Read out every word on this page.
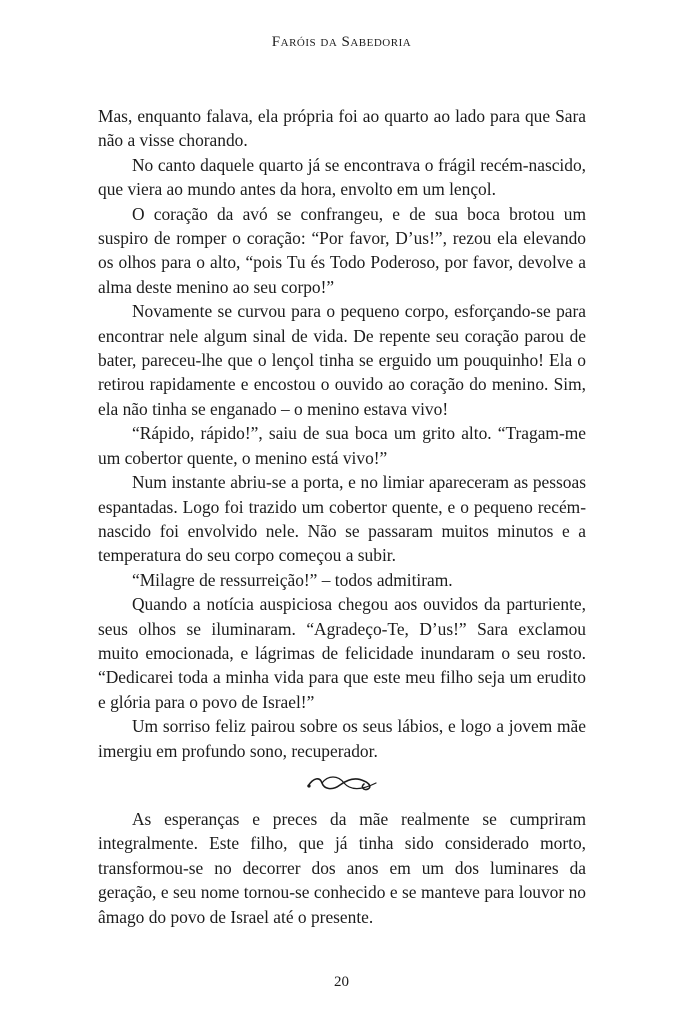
Faróis da Sabedoria

Mas, enquanto falava, ela própria foi ao quarto ao lado para que Sara não a visse chorando.

No canto daquele quarto já se encontrava o frágil recém-nascido, que viera ao mundo antes da hora, envolto em um lençol.

O coração da avó se confrangeu, e de sua boca brotou um suspiro de romper o coração: “Por favor, D’us!”, rezou ela elevando os olhos para o alto, “pois Tu és Todo Poderoso, por favor, devolve a alma deste menino ao seu corpo!”

Novamente se curvou para o pequeno corpo, esforçando-se para encontrar nele algum sinal de vida. De repente seu coração parou de bater, pareceu-lhe que o lençol tinha se erguido um pouquinho! Ela o retirou rapidamente e encostou o ouvido ao coração do menino. Sim, ela não tinha se enganado – o menino estava vivo!

“Rápido, rápido!”, saiu de sua boca um grito alto. “Tragam-me um cobertor quente, o menino está vivo!”

Num instante abriu-se a porta, e no limiar apareceram as pessoas espantadas. Logo foi trazido um cobertor quente, e o pequeno recém-nascido foi envolvido nele. Não se passaram muitos minutos e a temperatura do seu corpo começou a subir.

“Milagre de ressurreição!” – todos admitiram.

Quando a notícia auspiciosa chegou aos ouvidos da parturiente, seus olhos se iluminaram. “Agradeço-Te, D’us!” Sara exclamou muito emocionada, e lágrimas de felicidade inundaram o seu rosto. “Dedicarei toda a minha vida para que este meu filho seja um erudito e glória para o povo de Israel!”

Um sorriso feliz pairou sobre os seus lábios, e logo a jovem mãe imergiu em profundo sono, recuperador.

As esperanças e preces da mãe realmente se cumpriram integralmente. Este filho, que já tinha sido considerado morto, transformou-se no decorrer dos anos em um dos luminares da geração, e seu nome tornou-se conhecido e se manteve para louvor no âmago do povo de Israel até o presente.

20
